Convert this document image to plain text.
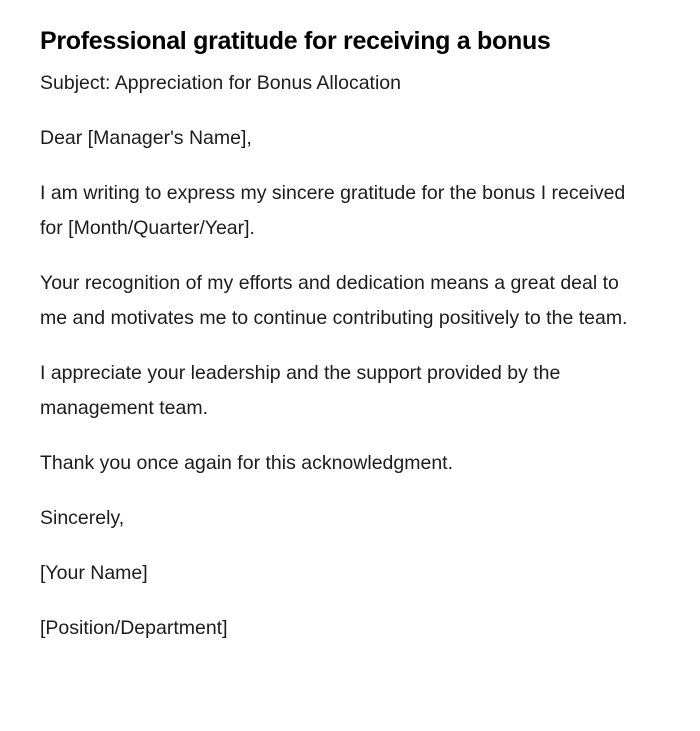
Professional gratitude for receiving a bonus

Subject: Appreciation for Bonus Allocation

Dear [Manager's Name],

I am writing to express my sincere gratitude for the bonus I received for [Month/Quarter/Year].

Your recognition of my efforts and dedication means a great deal to me and motivates me to continue contributing positively to the team.

I appreciate your leadership and the support provided by the management team.

Thank you once again for this acknowledgment.

Sincerely,

[Your Name]

[Position/Department]
